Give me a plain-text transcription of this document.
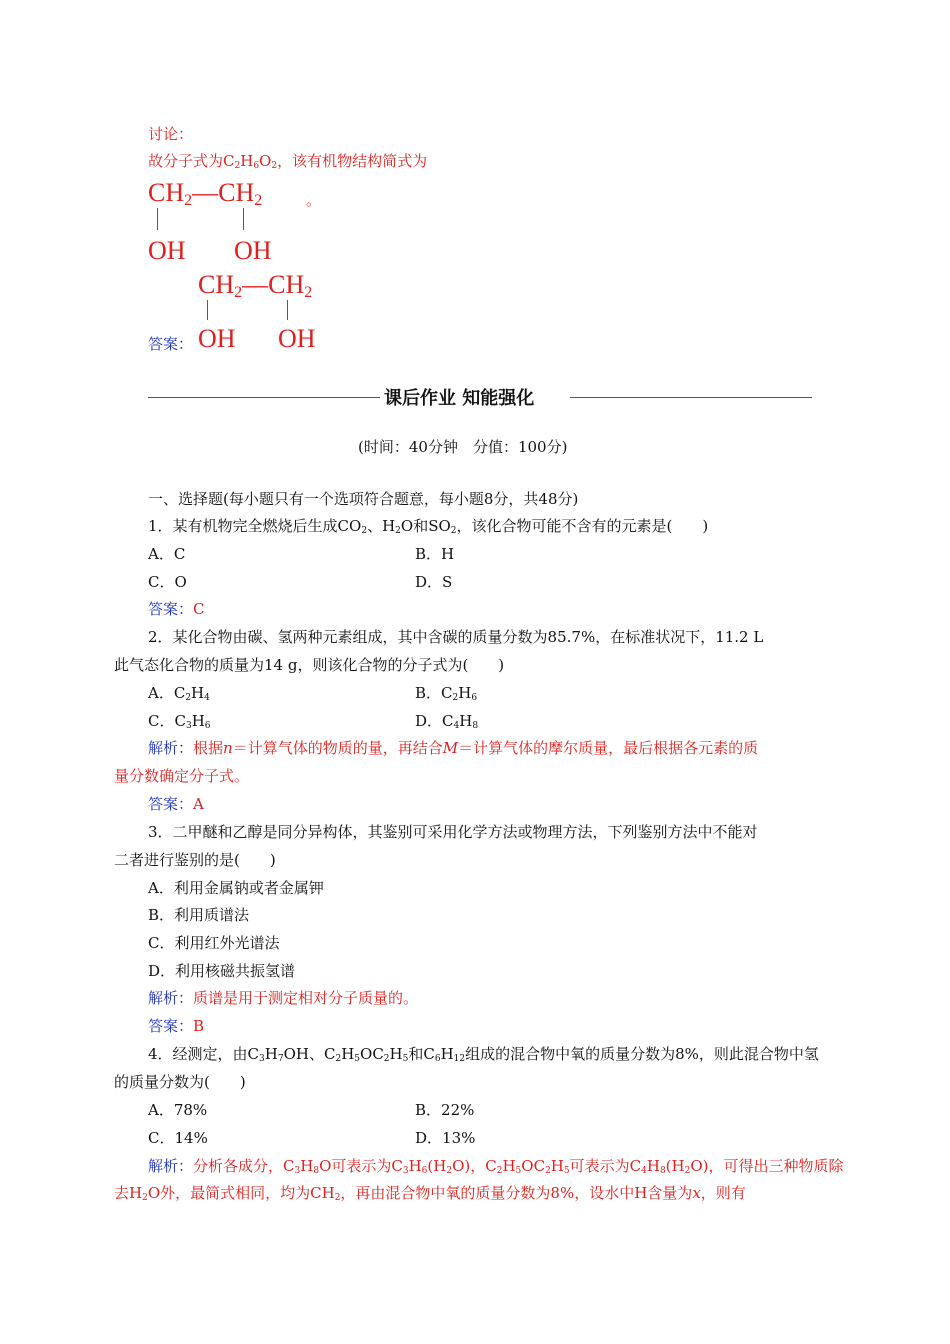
讨论：
故分子式为$C_2H_6O_2$，该有机物结构简式为
$CH_2—CH_2$	。
OH OH
$CH_2—CH_2$
答案： OH OH
课后作业 知能强化
(时间：40分钟　分值：100分)
一、选择题(每小题只有一个选项符合题意，每小题8分，共48分)
1．某有机物完全燃烧后生成$CO_2$、$H_2O$和$SO_2$，该化合物可能不含有的元素是(　　)
A．C	B．H
C．O	D．S
答案：C
2．某化合物由碳、氢两种元素组成，其中含碳的质量分数为85.7%，在标准状况下，11.2 L
此气态化合物的质量为14 g，则该化合物的分子式为(　　)
A．$C_2H_4$	B．$C_2H_6$
C．$C_3H_6$	D．$C_4H_8$
解析：根据n＝计算气体的物质的量，再结合M＝计算气体的摩尔质量，最后根据各元素的质
量分数确定分子式。
答案：A
3．二甲醚和乙醇是同分异构体，其鉴别可采用化学方法或物理方法，下列鉴别方法中不能对
二者进行鉴别的是(　　)
A．利用金属钠或者金属钾
B．利用质谱法
C．利用红外光谱法
D．利用核磁共振氢谱
解析：质谱是用于测定相对分子质量的。
答案：B
4．经测定，由$C_3H_7OH$、$C_2H_5OC_2H_5$和$C_6H_{12}$组成的混合物中氧的质量分数为8%，则此混合物中氢
的质量分数为(　　)
A．78%	B．22%
C．14%	D．13%
解析：分析各成分，$C_3H_8O$可表示为$C_3H_6(H_2O)$，$C_2H_5OC_2H_5$可表示为$C_4H_8(H_2O)$，可得出三种物质除
去$H_2O$外，最简式相同，均为$CH_2$，再由混合物中氧的质量分数为8%，设水中H含量为x，则有
